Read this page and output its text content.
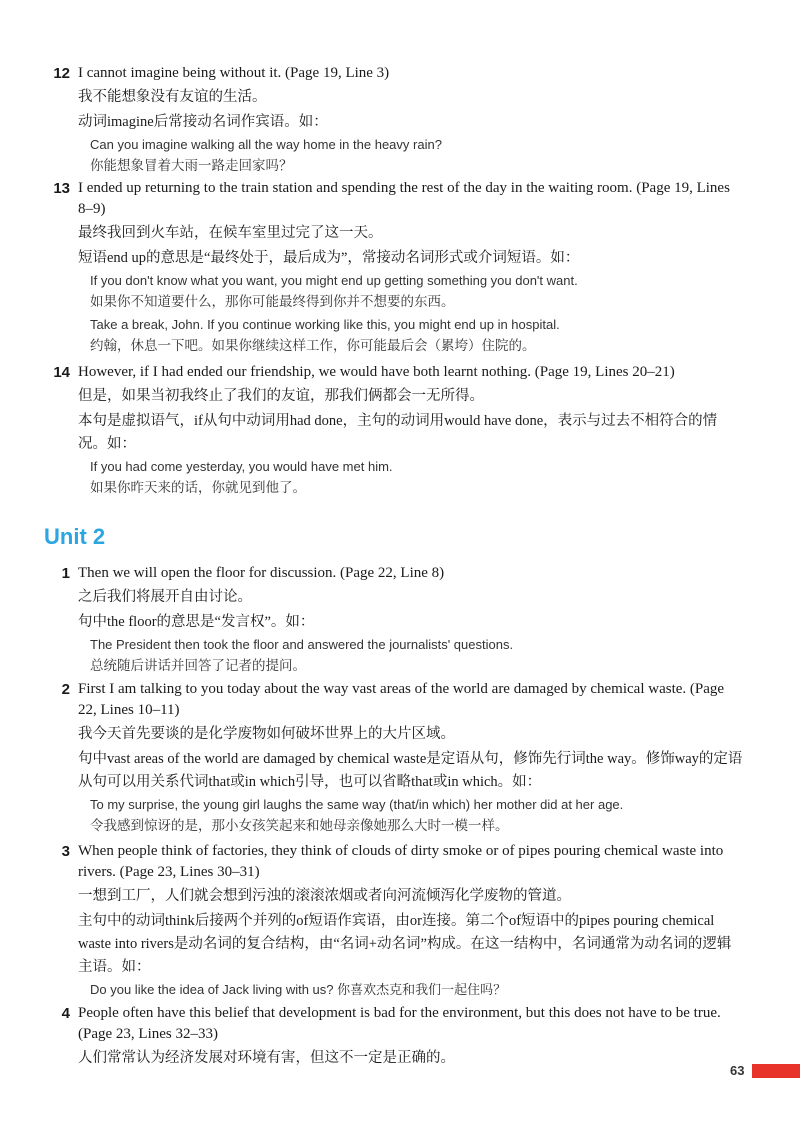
12 I cannot imagine being without it. (Page 19, Line 3)
我不能想象没有友谊的生活。
动词imagine后常接动名词作宾语。如：
Can you imagine walking all the way home in the heavy rain?
你能想象冒着大雨一路走回家吗？
13 I ended up returning to the train station and spending the rest of the day in the waiting room. (Page 19, Lines 8–9)
最终我回到火车站，在候车室里过完了这一天。
短语end up的意思是“最终处于，最后成为”，常接动名词形式或介词短语。如：
If you don't know what you want, you might end up getting something you don't want.
如果你不知道要什么，那你可能最终得到你并不想要的东西。
Take a break, John. If you continue working like this, you might end up in hospital.
约翰，休息一下吧。如果你继续这样工作，你可能最后会（累垮）住院的。
14 However, if I had ended our friendship, we would have both learnt nothing. (Page 19, Lines 20–21)
但是，如果当初我终止了我们的友谊，那我们俩都会一无所得。
本句是虚拟语气，if从句中动词用had done，主句的动词用would have done，表示与过去不相符合的情况。如：
If you had come yesterday, you would have met him.
如果你昨天来的话，你就见到他了。
Unit 2
1 Then we will open the floor for discussion. (Page 22, Line 8)
之后我们将展开自由讨论。
句中the floor的意思是“发言权”。如：
The President then took the floor and answered the journalists' questions.
总统随后讲话并回答了记者的提问。
2 First I am talking to you today about the way vast areas of the world are damaged by chemical waste. (Page 22, Lines 10–11)
我今天首先要谈的是化学废物如何破坏世界上的大片区域。
句中vast areas of the world are damaged by chemical waste是定语从句，修饰先行词the way。修饰way的定语从句可以用关系代词that或in which引导，也可以省略that或in which。如：
To my surprise, the young girl laughs the same way (that/in which) her mother did at her age.
令我感到惊讶的是，那小女孩笑起来和她母亲像她那么大时一模一样。
3 When people think of factories, they think of clouds of dirty smoke or of pipes pouring chemical waste into rivers. (Page 23, Lines 30–31)
一想到工厂，人们就会想到污浊的滚滚浓烟或者向河流倾泻化学废物的管道。
主句中的动词think后接两个并列的of短语作宾语，由or连接。第二个of短语中的pipes pouring chemical waste into rivers是动名词的复合结构，由“名词+动名词”构成。在这一结构中，名词通常为动名词的逻辑主语。如：
Do you like the idea of Jack living with us? 你喜欢杰克和我们一起住吗？
4 People often have this belief that development is bad for the environment, but this does not have to be true. (Page 23, Lines 32–33)
人们常常认为经济发展对环境有害，但这不一定是正确的。
63
